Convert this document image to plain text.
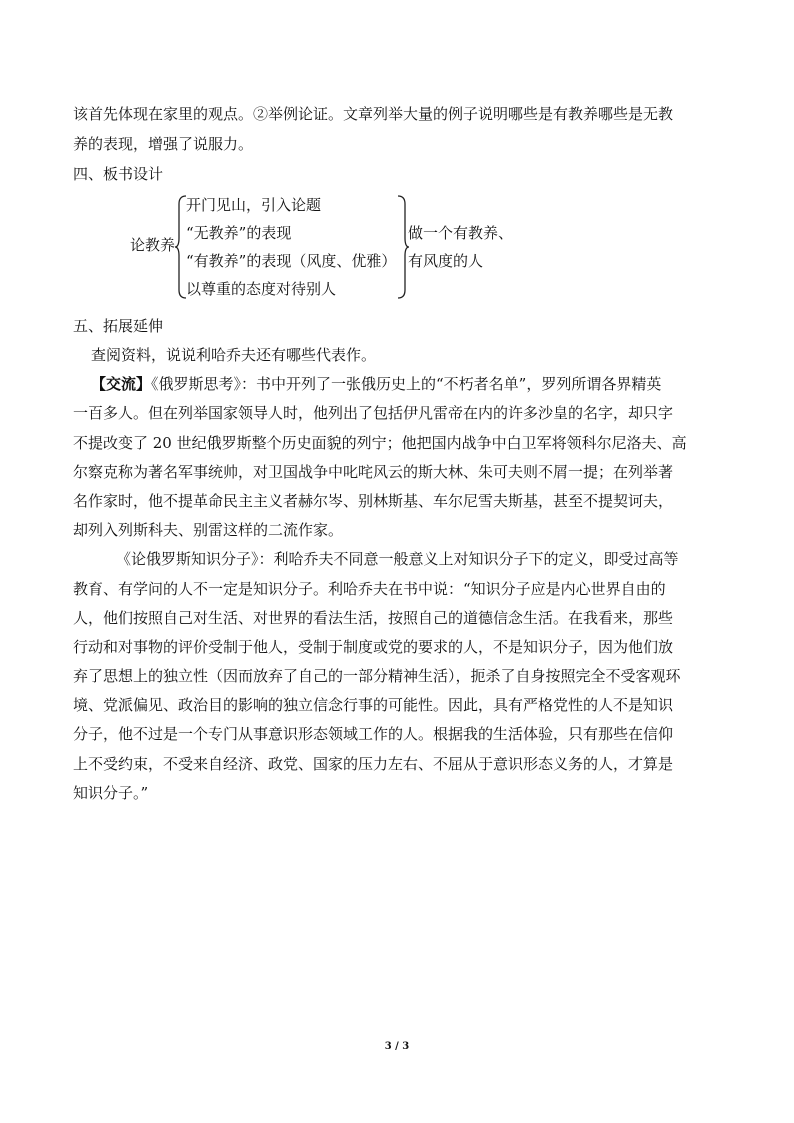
该首先体现在家里的观点。②举例论证。文章列举大量的例子说明哪些是有教养哪些是无教
养的表现，增强了说服力。
四、板书设计
论教养
开门见山，引入论题
“无教养”的表现
“有教养”的表现（风度、优雅）
以尊重的态度对待别人
做一个有教养、
有风度的人
五、拓展延伸
查阅资料，说说利哈乔夫还有哪些代表作。
【交流】《俄罗斯思考》：书中开列了一张俄历史上的“不朽者名单”，罗列所谓各界精英
一百多人。但在列举国家领导人时，他列出了包括伊凡雷帝在内的许多沙皇的名字，却只字
不提改变了 20 世纪俄罗斯整个历史面貌的列宁；他把国内战争中白卫军将领科尔尼洛夫、高
尔察克称为著名军事统帅，对卫国战争中叱咤风云的斯大林、朱可夫则不屑一提；在列举著
名作家时，他不提革命民主主义者赫尔岑、别林斯基、车尔尼雪夫斯基，甚至不提契诃夫，
却列入列斯科夫、别雷这样的二流作家。
《论俄罗斯知识分子》：利哈乔夫不同意一般意义上对知识分子下的定义，即受过高等
教育、有学问的人不一定是知识分子。利哈乔夫在书中说：“知识分子应是内心世界自由的
人，他们按照自己对生活、对世界的看法生活，按照自己的道德信念生活。在我看来，那些
行动和对事物的评价受制于他人，受制于制度或党的要求的人，不是知识分子，因为他们放
弃了思想上的独立性（因而放弃了自己的一部分精神生活），扼杀了自身按照完全不受客观环
境、党派偏见、政治目的影响的独立信念行事的可能性。因此，具有严格党性的人不是知识
分子，他不过是一个专门从事意识形态领域工作的人。根据我的生活体验，只有那些在信仰
上不受约束，不受来自经济、政党、国家的压力左右、不屈从于意识形态义务的人，才算是
知识分子。”
3 / 3
